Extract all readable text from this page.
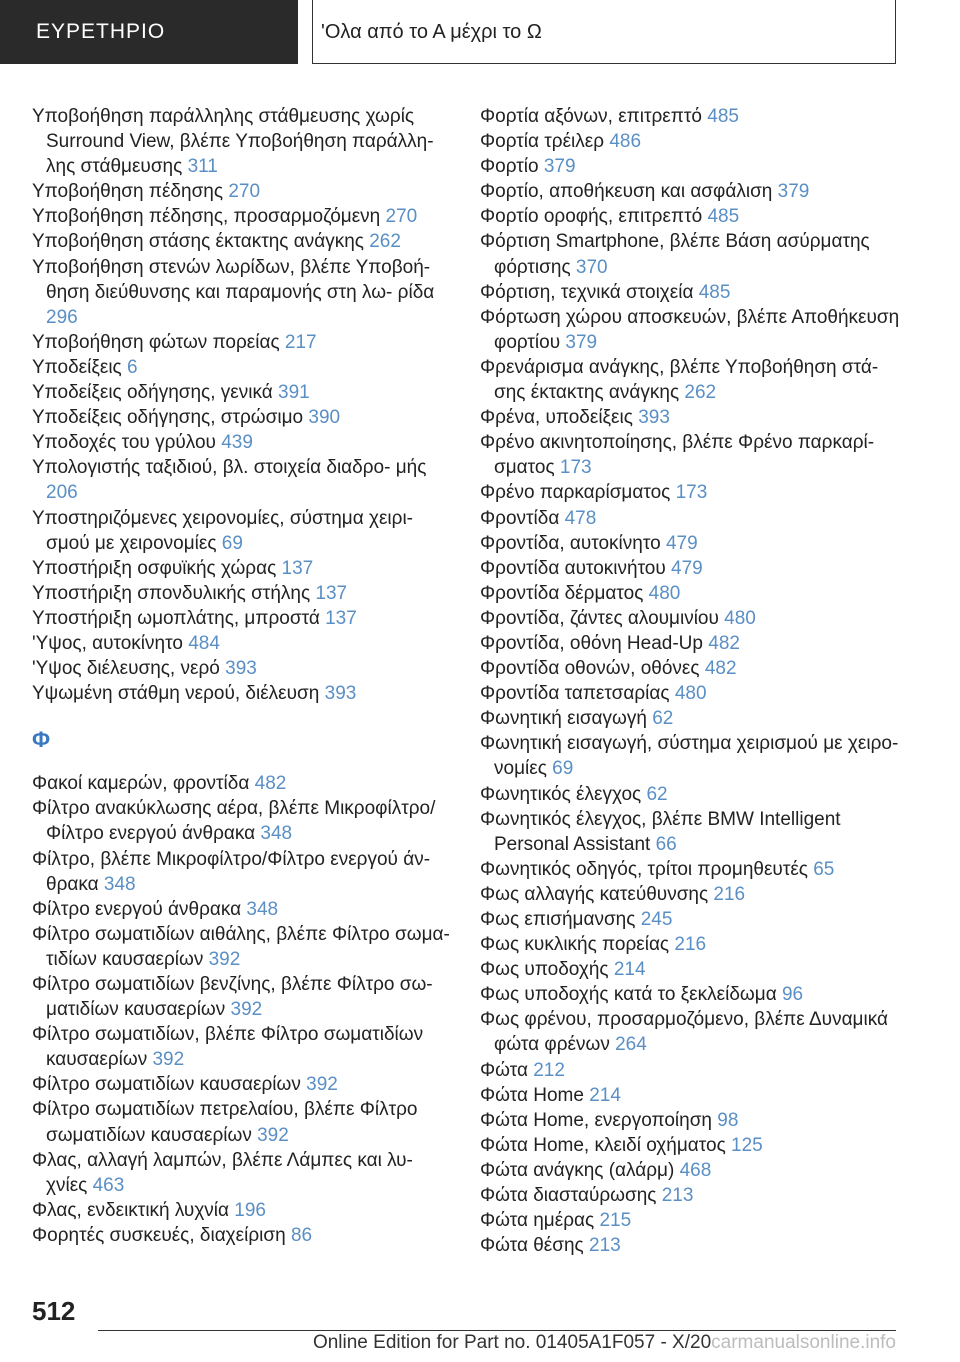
ΕΥΡΕΤΗΡΙΟ	'Ολα από το Α μέχρι το Ω
Υποβοήθηση παράλληλης στάθμευσης χωρίς Surround View, βλέπε Υποβοήθηση παράλλη- λης στάθμευσης 311
Υποβοήθηση πέδησης 270
Υποβοήθηση πέδησης, προσαρμοζόμενη 270
Υποβοήθηση στάσης έκτακτης ανάγκης 262
Υποβοήθηση στενών λωρίδων, βλέπε Υποβοή- θηση διεύθυνσης και παραμονής στη λω- ρίδα 296
Υποβοήθηση φώτων πορείας 217
Υποδείξεις 6
Υποδείξεις οδήγησης, γενικά 391
Υποδείξεις οδήγησης, στρώσιμο 390
Υποδοχές του γρύλου 439
Υπολογιστής ταξιδιού, βλ. στοιχεία διαδρο- μής 206
Υποστηριζόμενες χειρονομίες, σύστημα χειρι- σμού με χειρονομίες 69
Υποστήριξη οσφυϊκής χώρας 137
Υποστήριξη σπονδυλικής στήλης 137
Υποστήριξη ωμοπλάτης, μπροστά 137
'Υψος, αυτοκίνητο 484
'Υψος διέλευσης, νερό 393
Υψωμένη στάθμη νερού, διέλευση 393
Φ
Φακοί καμερών, φροντίδα 482
Φίλτρο ανακύκλωσης αέρα, βλέπε Μικροφίλτρο/ Φίλτρο ενεργού άνθρακα 348
Φίλτρο, βλέπε Μικροφίλτρο/Φίλτρο ενεργού άν- θρακα 348
Φίλτρο ενεργού άνθρακα 348
Φίλτρο σωματιδίων αιθάλης, βλέπε Φίλτρο σωμα- τιδίων καυσαερίων 392
Φίλτρο σωματιδίων βενζίνης, βλέπε Φίλτρο σω- ματιδίων καυσαερίων 392
Φίλτρο σωματιδίων, βλέπε Φίλτρο σωματιδίων καυσαερίων 392
Φίλτρο σωματιδίων καυσαερίων 392
Φίλτρο σωματιδίων πετρελαίου, βλέπε Φίλτρο σωματιδίων καυσαερίων 392
Φλας, αλλαγή λαμπών, βλέπε Λάμπες και λυ- χνίες 463
Φλας, ενδεικτική λυχνία 196
Φορητές συσκευές, διαχείριση 86
Φορτία αξόνων, επιτρεπτό 485
Φορτία τρέιλερ 486
Φορτίο 379
Φορτίο, αποθήκευση και ασφάλιση 379
Φορτίο οροφής, επιτρεπτό 485
Φόρτιση Smartphone, βλέπε Βάση ασύρματης φόρτισης 370
Φόρτιση, τεχνικά στοιχεία 485
Φόρτωση χώρου αποσκευών, βλέπε Αποθήκευση φορτίου 379
Φρενάρισμα ανάγκης, βλέπε Υποβοήθηση στά- σης έκτακτης ανάγκης 262
Φρένα, υποδείξεις 393
Φρένο ακινητοποίησης, βλέπε Φρένο παρκαρί- σματος 173
Φρένο παρκαρίσματος 173
Φροντίδα 478
Φροντίδα, αυτοκίνητο 479
Φροντίδα αυτοκινήτου 479
Φροντίδα δέρματος 480
Φροντίδα, ζάντες αλουμινίου 480
Φροντίδα, οθόνη Head-Up 482
Φροντίδα οθονών, οθόνες 482
Φροντίδα ταπετσαρίας 480
Φωνητική εισαγωγή 62
Φωνητική εισαγωγή, σύστημα χειρισμού με χειρο- νομίες 69
Φωνητικός έλεγχος 62
Φωνητικός έλεγχος, βλέπε BMW Intelligent Personal Assistant 66
Φωνητικός οδηγός, τρίτοι προμηθευτές 65
Φως αλλαγής κατεύθυνσης 216
Φως επισήμανσης 245
Φως κυκλικής πορείας 216
Φως υποδοχής 214
Φως υποδοχής κατά το ξεκλείδωμα 96
Φως φρένου, προσαρμοζόμενο, βλέπε Δυναμικά φώτα φρένων 264
Φώτα 212
Φώτα Home 214
Φώτα Home, ενεργοποίηση 98
Φώτα Home, κλειδί οχήματος 125
Φώτα ανάγκης (αλάρμ) 468
Φώτα διασταύρωσης 213
Φώτα ημέρας 215
Φώτα θέσης 213
512
Online Edition for Part no. 01405A1F057 - X/20carmanualsonline.info
